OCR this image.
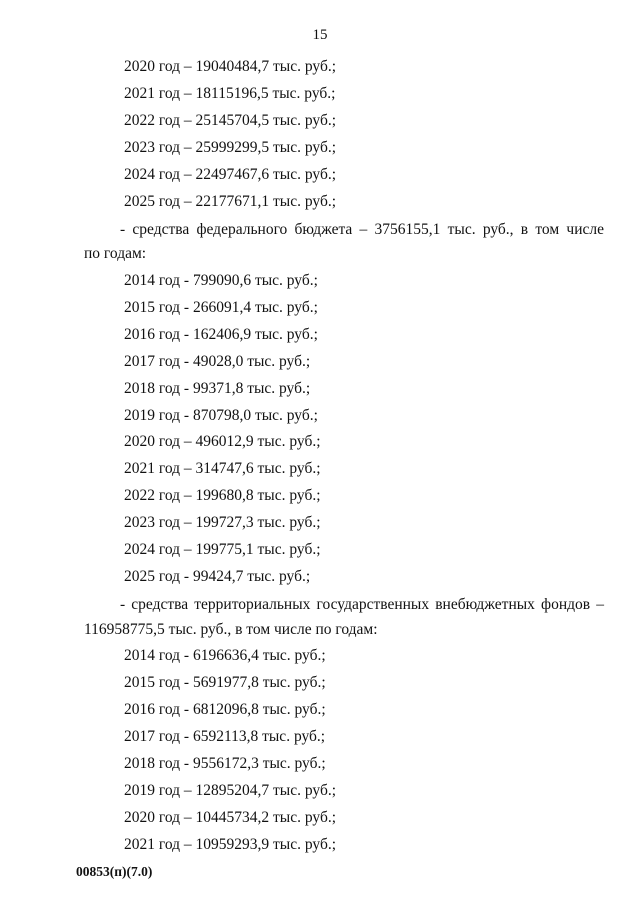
15
2020 год – 19040484,7 тыс. руб.;
2021 год – 18115196,5 тыс. руб.;
2022 год – 25145704,5 тыс. руб.;
2023 год – 25999299,5 тыс. руб.;
2024 год – 22497467,6 тыс. руб.;
2025 год – 22177671,1 тыс. руб.;
- средства федерального бюджета – 3756155,1 тыс. руб., в том числе
по годам:
2014 год - 799090,6 тыс. руб.;
2015 год - 266091,4 тыс. руб.;
2016 год - 162406,9 тыс. руб.;
2017 год - 49028,0 тыс. руб.;
2018 год - 99371,8 тыс. руб.;
2019 год - 870798,0 тыс. руб.;
2020 год – 496012,9 тыс. руб.;
2021 год – 314747,6 тыс. руб.;
2022 год – 199680,8 тыс. руб.;
2023 год – 199727,3 тыс. руб.;
2024 год – 199775,1 тыс. руб.;
2025 год - 99424,7 тыс. руб.;
- средства территориальных государственных внебюджетных фондов –
116958775,5 тыс. руб., в том числе по годам:
2014 год - 6196636,4 тыс. руб.;
2015 год - 5691977,8 тыс. руб.;
2016 год - 6812096,8 тыс. руб.;
2017 год - 6592113,8 тыс. руб.;
2018 год - 9556172,3 тыс. руб.;
2019 год – 12895204,7 тыс. руб.;
2020 год – 10445734,2 тыс. руб.;
2021 год – 10959293,9 тыс. руб.;
00853(п)(7.0)
